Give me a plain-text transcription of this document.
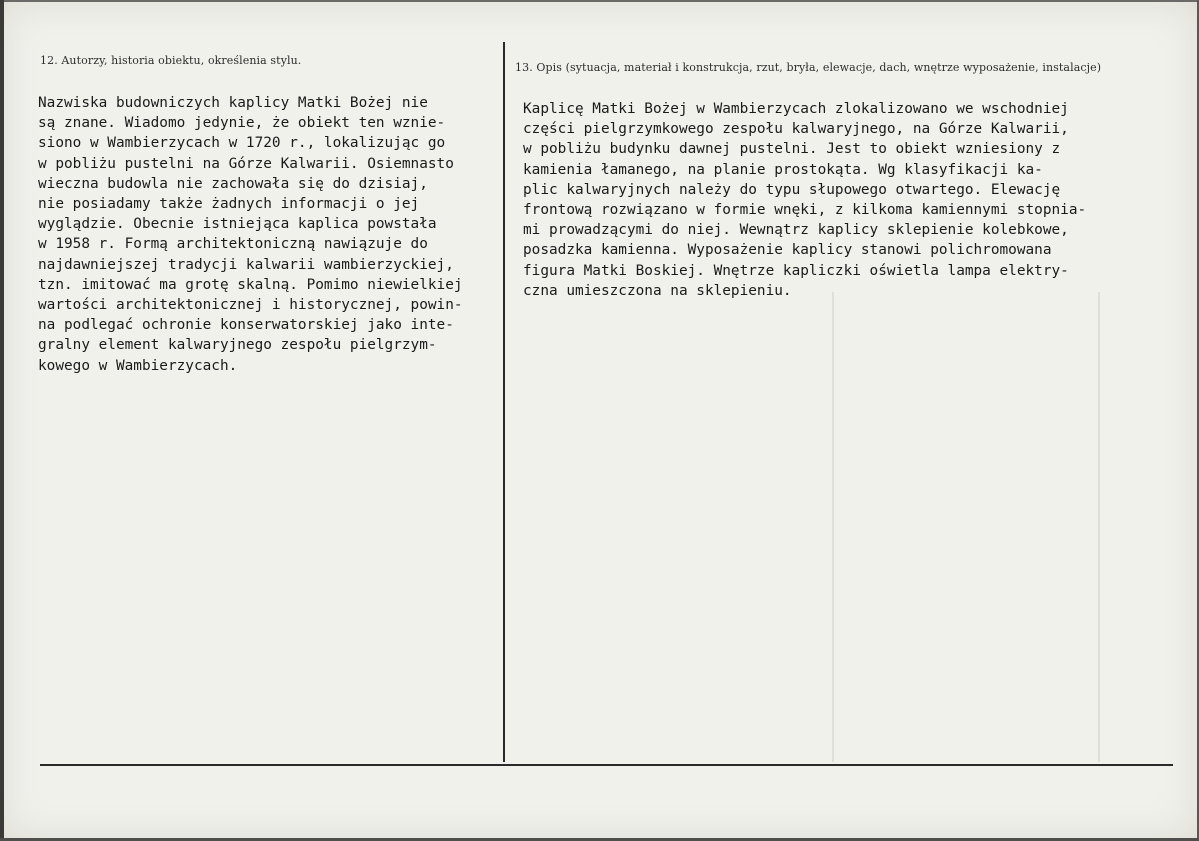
12. Autorzy, historia obiektu, określenia stylu.
13. Opis (sytuacja, materiał i konstrukcja, rzut, bryła, elewacje, dach, wnętrze wyposażenie, instalacje)
Nazwiska budowniczych kaplicy Matki Bożej nie
są znane. Wiadomo jedynie, że obiekt ten wznie-
siono w Wambierzycach w 1720 r., lokalizując go
w pobliżu pustelni na Górze Kalwarii. Osiemnasto
wieczna budowla nie zachowała się do dzisiaj,
nie posiadamy także żadnych informacji o jej
wyglądzie. Obecnie istniejąca kaplica powstała
w 1958 r. Formą architektoniczną nawiązuje do
najdawniejszej tradycji kalwarii wambierzyckiej,
tzn. imitować ma grotę skalną. Pomimo niewielkiej
wartości architektonicznej i historycznej, powin-
na podlegać ochronie konserwatorskiej jako inte-
gralny element kalwaryjnego zespołu pielgrzym-
kowego w Wambierzycach.
Kaplicę Matki Bożej w Wambierzycach zlokalizowano we wschodniej
części pielgrzymkowego zespołu kalwaryjnego, na Górze Kalwarii,
w pobliżu budynku dawnej pustelni. Jest to obiekt wzniesiony z
kamienia łamanego, na planie prostokąta. Wg klasyfikacji ka-
plic kalwaryjnych należy do typu słupowego otwartego. Elewację
frontową rozwiązano w formie wnęki, z kilkoma kamiennymi stopnia-
mi prowadzącymi do niej. Wewnątrz kaplicy sklepienie kolebkowe,
posadzka kamienna. Wyposażenie kaplicy stanowi polichromowana
figura Matki Boskiej. Wnętrze kapliczki oświetla lampa elektry-
czna umieszczona na sklepieniu.
